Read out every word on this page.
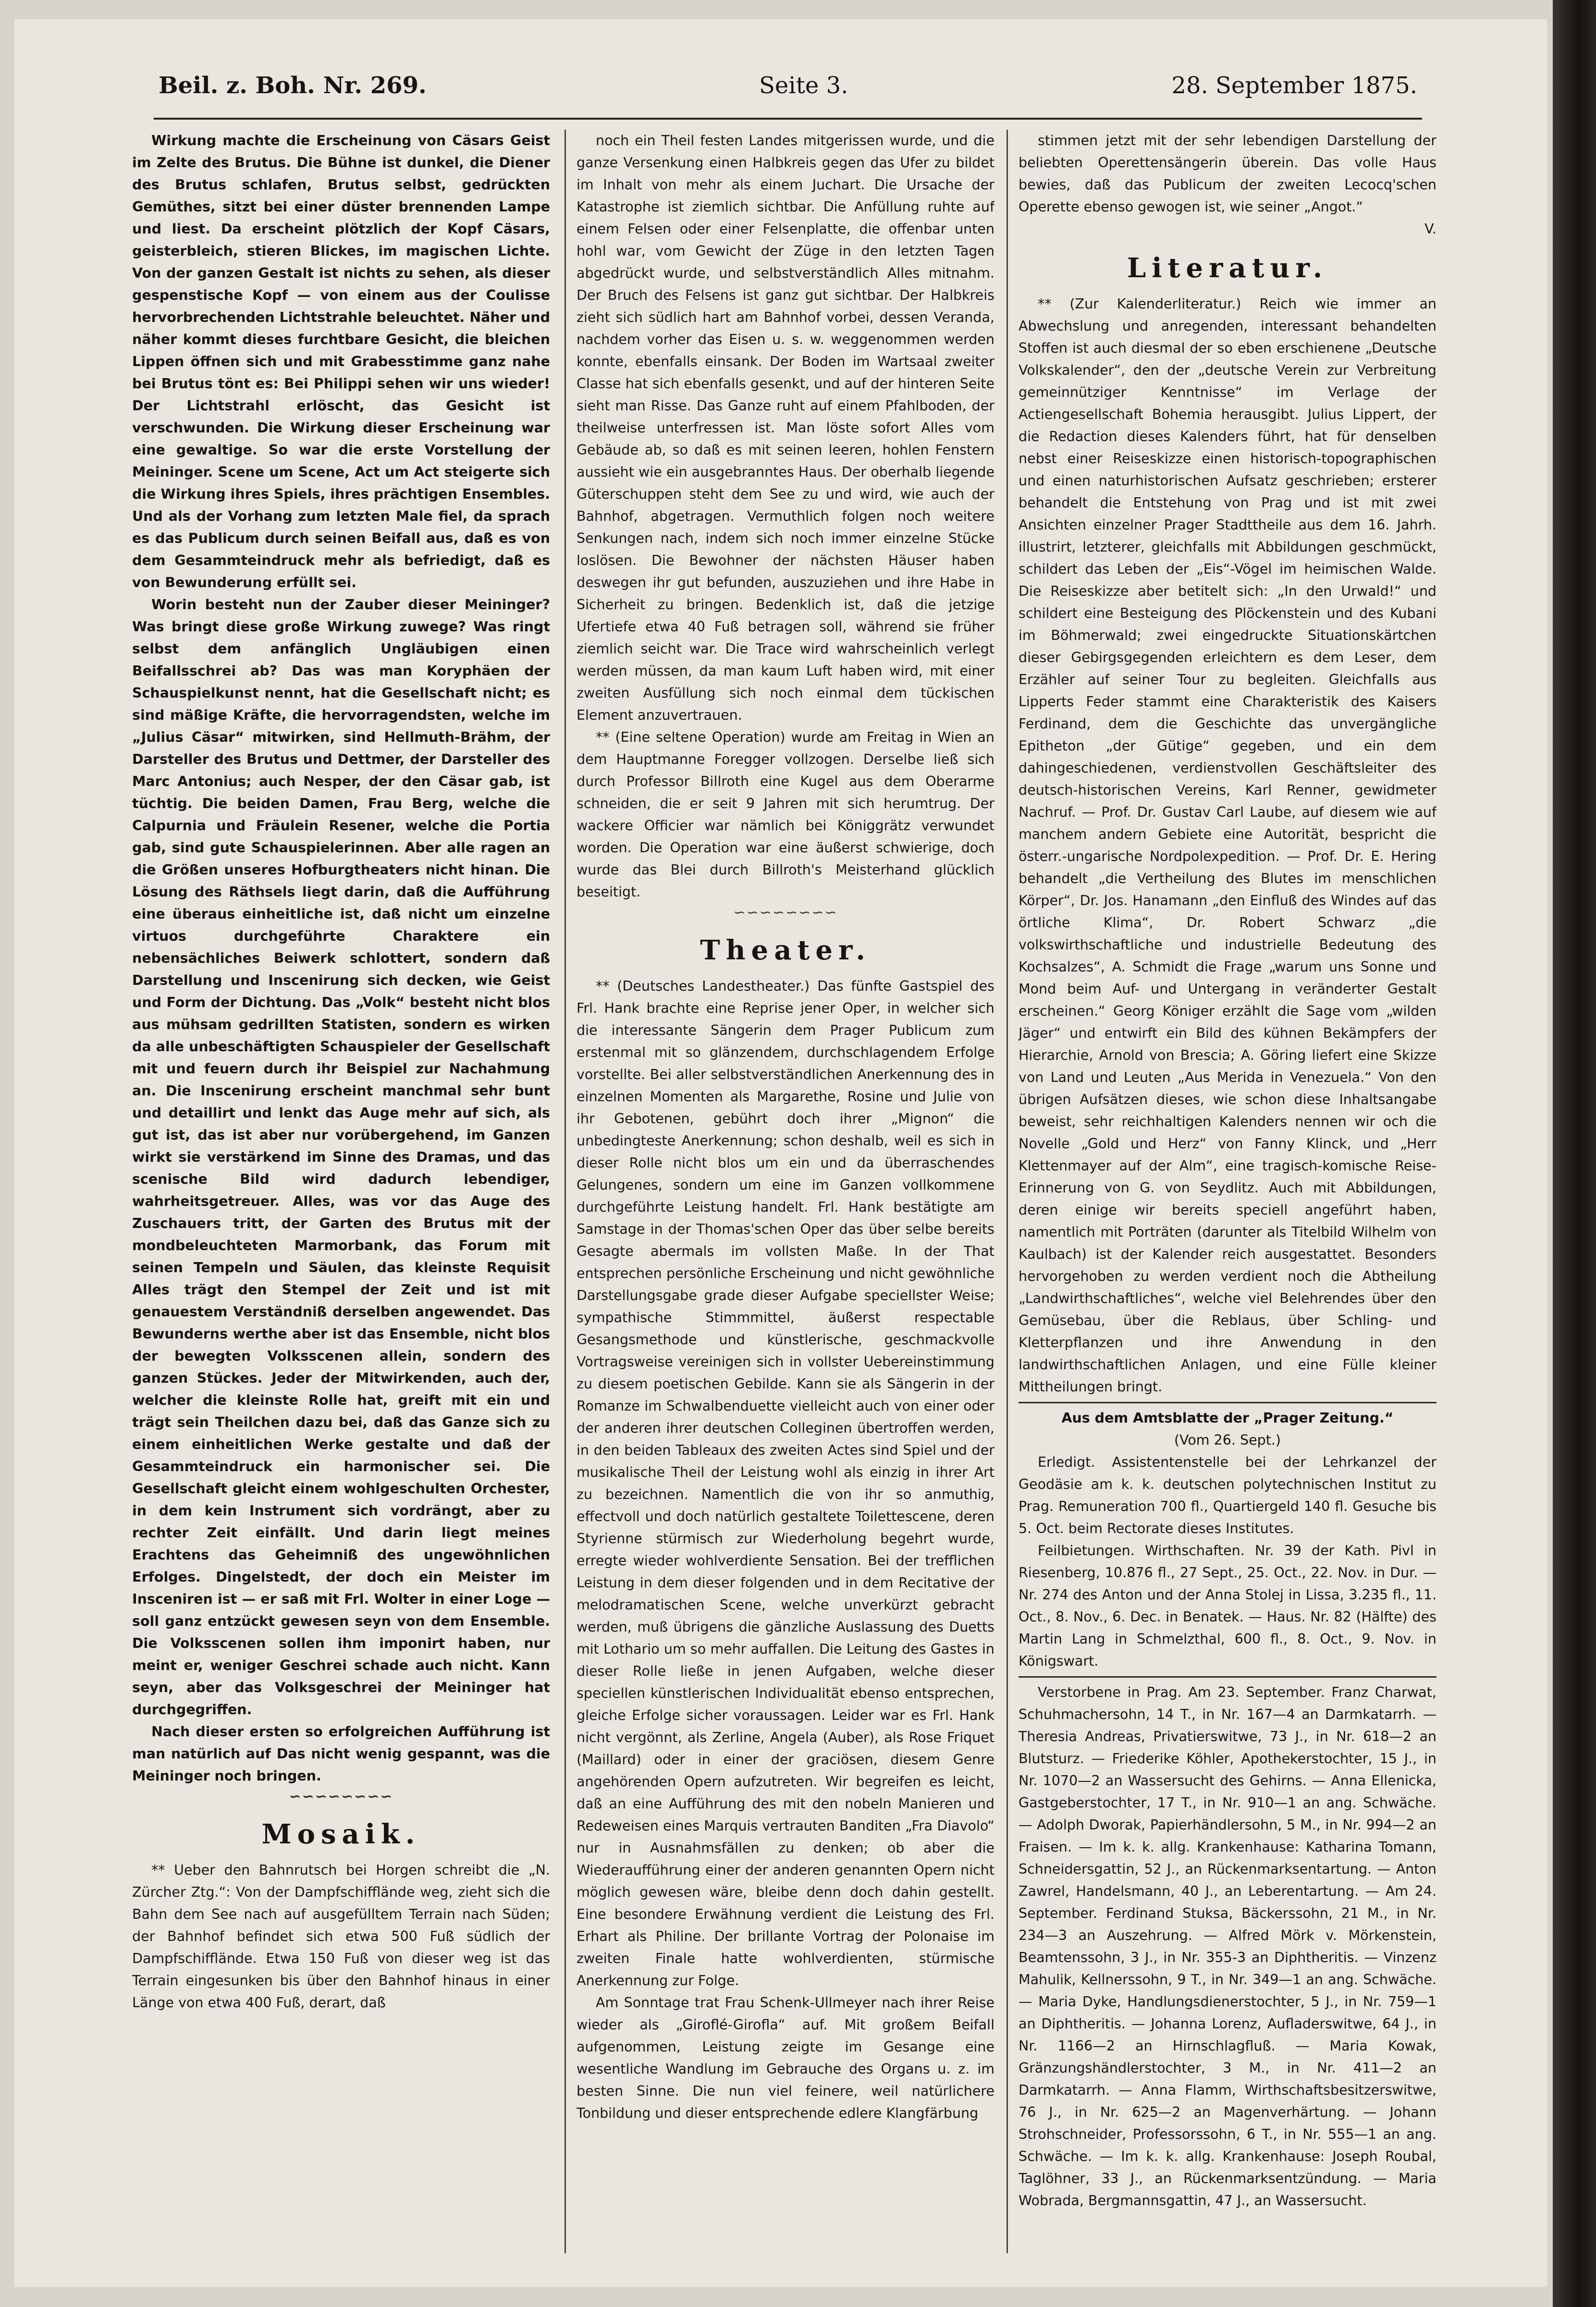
Beil. z. Boh. Nr. 269.	Seite 3.	28. September 1875.

Wirkung machte die Erscheinung von Cäsars Geist im Zelte des Brutus. Die Bühne ist dunkel, die Diener des Brutus schlafen, Brutus selbst, gedrückten Gemüthes, sitzt bei einer düster brennenden Lampe und liest. Da erscheint plötzlich der Kopf Cäsars, geisterbleich, stieren Blickes, im magischen Lichte. Von der ganzen Gestalt ist nichts zu sehen, als dieser gespenstische Kopf — von einem aus der Coulisse hervorbrechenden Lichtstrahle beleuchtet. Näher und näher kommt dieses furchtbare Gesicht, die bleichen Lippen öffnen sich und mit Grabesstimme ganz nahe bei Brutus tönt es: Bei Philippi sehen wir uns wieder! Der Lichtstrahl erlöscht, das Gesicht ist verschwunden. Die Wirkung dieser Erscheinung war eine gewaltige. So war die erste Vorstellung der Meininger. Scene um Scene, Act um Act steigerte sich die Wirkung ihres Spiels, ihres prächtigen Ensembles. Und als der Vorhang zum letzten Male fiel, da sprach es das Publicum durch seinen Beifall aus, daß es von dem Gesammteindruck mehr als befriedigt, daß es von Bewunderung erfüllt sei.

Worin besteht nun der Zauber dieser Meininger? Was bringt diese große Wirkung zuwege? Was ringt selbst dem anfänglich Ungläubigen einen Beifallsschrei ab? Das was man Koryphäen der Schauspielkunst nennt, hat die Gesellschaft nicht; es sind mäßige Kräfte, die hervorragendsten, welche im „Julius Cäsar“ mitwirken, sind Hellmuth-Brähm, der Darsteller des Brutus und Dettmer, der Darsteller des Marc Antonius; auch Nesper, der den Cäsar gab, ist tüchtig. Die beiden Damen, Frau Berg, welche die Calpurnia und Fräulein Resener, welche die Portia gab, sind gute Schauspielerinnen. Aber alle ragen an die Größen unseres Hofburgtheaters nicht hinan. Die Lösung des Räthsels liegt darin, daß die Aufführung eine überaus einheitliche ist, daß nicht um einzelne virtuos durchgeführte Charaktere ein nebensächliches Beiwerk schlottert, sondern daß Darstellung und Inscenirung sich decken, wie Geist und Form der Dichtung. Das „Volk“ besteht nicht blos aus mühsam gedrillten Statisten, sondern es wirken da alle unbeschäftigten Schauspieler der Gesellschaft mit und feuern durch ihr Beispiel zur Nachahmung an. Die Inscenirung erscheint manchmal sehr bunt und detaillirt und lenkt das Auge mehr auf sich, als gut ist, das ist aber nur vorübergehend, im Ganzen wirkt sie verstärkend im Sinne des Dramas, und das scenische Bild wird dadurch lebendiger, wahrheitsgetreuer. Alles, was vor das Auge des Zuschauers tritt, der Garten des Brutus mit der mondbeleuchteten Marmorbank, das Forum mit seinen Tempeln und Säulen, das kleinste Requisit Alles trägt den Stempel der Zeit und ist mit genauestem Verständniß derselben angewendet. Das Bewunderns werthe aber ist das Ensemble, nicht blos der bewegten Volksscenen allein, sondern des ganzen Stückes. Jeder der Mitwirkenden, auch der, welcher die kleinste Rolle hat, greift mit ein und trägt sein Theilchen dazu bei, daß das Ganze sich zu einem einheitlichen Werke gestalte und daß der Gesammteindruck ein harmonischer sei. Die Gesellschaft gleicht einem wohlgeschulten Orchester, in dem kein Instrument sich vordrängt, aber zu rechter Zeit einfällt. Und darin liegt meines Erachtens das Geheimniß des ungewöhnlichen Erfolges. Dingelstedt, der doch ein Meister im Insceniren ist — er saß mit Frl. Wolter in einer Loge — soll ganz entzückt gewesen seyn von dem Ensemble. Die Volksscenen sollen ihm imponirt haben, nur meint er, weniger Geschrei schade auch nicht. Kann seyn, aber das Volksgeschrei der Meininger hat durchgegriffen.

Nach dieser ersten so erfolgreichen Aufführung ist man natürlich auf Das nicht wenig gespannt, was die Meininger noch bringen.

∽∽∽∽∽∽∽∽
Mosaik.

** Ueber den Bahnrutsch bei Horgen schreibt die „N. Zürcher Ztg.“: Von der Dampfschifflände weg, zieht sich die Bahn dem See nach auf ausgefülltem Terrain nach Süden; der Bahnhof befindet sich etwa 500 Fuß südlich der Dampfschifflände. Etwa 150 Fuß von dieser weg ist das Terrain eingesunken bis über den Bahnhof hinaus in einer Länge von etwa 400 Fuß, derart, daß

noch ein Theil festen Landes mitgerissen wurde, und die ganze Versenkung einen Halbkreis gegen das Ufer zu bildet im Inhalt von mehr als einem Juchart. Die Ursache der Katastrophe ist ziemlich sichtbar. Die Anfüllung ruhte auf einem Felsen oder einer Felsenplatte, die offenbar unten hohl war, vom Gewicht der Züge in den letzten Tagen abgedrückt wurde, und selbstverständlich Alles mitnahm. Der Bruch des Felsens ist ganz gut sichtbar. Der Halbkreis zieht sich südlich hart am Bahnhof vorbei, dessen Veranda, nachdem vorher das Eisen u. s. w. weggenommen werden konnte, ebenfalls einsank. Der Boden im Wartsaal zweiter Classe hat sich ebenfalls gesenkt, und auf der hinteren Seite sieht man Risse. Das Ganze ruht auf einem Pfahlboden, der theilweise unterfressen ist. Man löste sofort Alles vom Gebäude ab, so daß es mit seinen leeren, hohlen Fenstern aussieht wie ein ausgebranntes Haus. Der oberhalb liegende Güterschuppen steht dem See zu und wird, wie auch der Bahnhof, abgetragen. Vermuthlich folgen noch weitere Senkungen nach, indem sich noch immer einzelne Stücke loslösen. Die Bewohner der nächsten Häuser haben deswegen ihr gut befunden, auszuziehen und ihre Habe in Sicherheit zu bringen. Bedenklich ist, daß die jetzige Ufertiefe etwa 40 Fuß betragen soll, während sie früher ziemlich seicht war. Die Trace wird wahrscheinlich verlegt werden müssen, da man kaum Luft haben wird, mit einer zweiten Ausfüllung sich noch einmal dem tückischen Element anzuvertrauen.

** (Eine seltene Operation) wurde am Freitag in Wien an dem Hauptmanne Foregger vollzogen. Derselbe ließ sich durch Professor Billroth eine Kugel aus dem Oberarme schneiden, die er seit 9 Jahren mit sich herumtrug. Der wackere Officier war nämlich bei Königgrätz verwundet worden. Die Operation war eine äußerst schwierige, doch wurde das Blei durch Billroth's Meisterhand glücklich beseitigt.

∽∽∽∽∽∽∽∽
Theater.

** (Deutsches Landestheater.) Das fünfte Gastspiel des Frl. Hank brachte eine Reprise jener Oper, in welcher sich die interessante Sängerin dem Prager Publicum zum erstenmal mit so glänzendem, durchschlagendem Erfolge vorstellte. Bei aller selbstverständlichen Anerkennung des in einzelnen Momenten als Margarethe, Rosine und Julie von ihr Gebotenen, gebührt doch ihrer „Mignon“ die unbedingteste Anerkennung; schon deshalb, weil es sich in dieser Rolle nicht blos um ein und da überraschendes Gelungenes, sondern um eine im Ganzen vollkommene durchgeführte Leistung handelt. Frl. Hank bestätigte am Samstage in der Thomas'schen Oper das über selbe bereits Gesagte abermals im vollsten Maße. In der That entsprechen persönliche Erscheinung und nicht gewöhnliche Darstellungsgabe grade dieser Aufgabe speciellster Weise; sympathische Stimmmittel, äußerst respectable Gesangsmethode und künstlerische, geschmackvolle Vortragsweise vereinigen sich in vollster Uebereinstimmung zu diesem poetischen Gebilde. Kann sie als Sängerin in der Romanze im Schwalbenduette vielleicht auch von einer oder der anderen ihrer deutschen Colleginen übertroffen werden, in den beiden Tableaux des zweiten Actes sind Spiel und der musikalische Theil der Leistung wohl als einzig in ihrer Art zu bezeichnen. Namentlich die von ihr so anmuthig, effectvoll und doch natürlich gestaltete Toilettescene, deren Styrienne stürmisch zur Wiederholung begehrt wurde, erregte wieder wohlverdiente Sensation. Bei der trefflichen Leistung in dem dieser folgenden und in dem Recitative der melodramatischen Scene, welche unverkürzt gebracht werden, muß übrigens die gänzliche Auslassung des Duetts mit Lothario um so mehr auffallen. Die Leitung des Gastes in dieser Rolle ließe in jenen Aufgaben, welche dieser speciellen künstlerischen Individualität ebenso entsprechen, gleiche Erfolge sicher voraussagen. Leider war es Frl. Hank nicht vergönnt, als Zerline, Angela (Auber), als Rose Friquet (Maillard) oder in einer der graciösen, diesem Genre angehörenden Opern aufzutreten. Wir begreifen es leicht, daß an eine Aufführung des mit den nobeln Manieren und Redeweisen eines Marquis vertrauten Banditen „Fra Diavolo“ nur in Ausnahmsfällen zu denken; ob aber die Wiederaufführung einer der anderen genannten Opern nicht möglich gewesen wäre, bleibe denn doch dahin gestellt. Eine besondere Erwähnung verdient die Leistung des Frl. Erhart als Philine. Der brillante Vortrag der Polonaise im zweiten Finale hatte wohlverdienten, stürmische Anerkennung zur Folge.

Am Sonntage trat Frau Schenk-Ullmeyer nach ihrer Reise wieder als „Giroflé-Girofla“ auf. Mit großem Beifall aufgenommen, Leistung zeigte im Gesange eine wesentliche Wandlung im Gebrauche des Organs u. z. im besten Sinne. Die nun viel feinere, weil natürlichere Tonbildung und dieser entsprechende edlere Klangfärbung

stimmen jetzt mit der sehr lebendigen Darstellung der beliebten Operettensängerin überein. Das volle Haus bewies, daß das Publicum der zweiten Lecocq'schen Operette ebenso gewogen ist, wie seiner „Angot.“

V.

Literatur.

** (Zur Kalenderliteratur.) Reich wie immer an Abwechslung und anregenden, interessant behandelten Stoffen ist auch diesmal der so eben erschienene „Deutsche Volkskalender“, den der „deutsche Verein zur Verbreitung gemeinnütziger Kenntnisse“ im Verlage der Actiengesellschaft Bohemia herausgibt. Julius Lippert, der die Redaction dieses Kalenders führt, hat für denselben nebst einer Reiseskizze einen historisch-topographischen und einen naturhistorischen Aufsatz geschrieben; ersterer behandelt die Entstehung von Prag und ist mit zwei Ansichten einzelner Prager Stadttheile aus dem 16. Jahrh. illustrirt, letzterer, gleichfalls mit Abbildungen geschmückt, schildert das Leben der „Eis“-Vögel im heimischen Walde. Die Reiseskizze aber betitelt sich: „In den Urwald!“ und schildert eine Besteigung des Plöckenstein und des Kubani im Böhmerwald; zwei eingedruckte Situationskärtchen dieser Gebirgsgegenden erleichtern es dem Leser, dem Erzähler auf seiner Tour zu begleiten. Gleichfalls aus Lipperts Feder stammt eine Charakteristik des Kaisers Ferdinand, dem die Geschichte das unvergängliche Epitheton „der Gütige“ gegeben, und ein dem dahingeschiedenen, verdienstvollen Geschäftsleiter des deutsch-historischen Vereins, Karl Renner, gewidmeter Nachruf. — Prof. Dr. Gustav Carl Laube, auf diesem wie auf manchem andern Gebiete eine Autorität, bespricht die österr.-ungarische Nordpolexpedition. — Prof. Dr. E. Hering behandelt „die Vertheilung des Blutes im menschlichen Körper“, Dr. Jos. Hanamann „den Einfluß des Windes auf das örtliche Klima“, Dr. Robert Schwarz „die volkswirthschaftliche und industrielle Bedeutung des Kochsalzes“, A. Schmidt die Frage „warum uns Sonne und Mond beim Auf- und Untergang in veränderter Gestalt erscheinen.“ Georg Königer erzählt die Sage vom „wilden Jäger“ und entwirft ein Bild des kühnen Bekämpfers der Hierarchie, Arnold von Brescia; A. Göring liefert eine Skizze von Land und Leuten „Aus Merida in Venezuela.“ Von den übrigen Aufsätzen dieses, wie schon diese Inhaltsangabe beweist, sehr reichhaltigen Kalenders nennen wir och die Novelle „Gold und Herz“ von Fanny Klinck, und „Herr Klettenmayer auf der Alm“, eine tragisch-komische Reise-Erinnerung von G. von Seydlitz. Auch mit Abbildungen, deren einige wir bereits speciell angeführt haben, namentlich mit Porträten (darunter als Titelbild Wilhelm von Kaulbach) ist der Kalender reich ausgestattet. Besonders hervorgehoben zu werden verdient noch die Abtheilung „Landwirthschaftliches“, welche viel Belehrendes über den Gemüsebau, über die Reblaus, über Schling- und Kletterpflanzen und ihre Anwendung in den landwirthschaftlichen Anlagen, und eine Fülle kleiner Mittheilungen bringt.

Aus dem Amtsblatte der „Prager Zeitung.“
(Vom 26. Sept.)

Erledigt. Assistentenstelle bei der Lehrkanzel der Geodäsie am k. k. deutschen polytechnischen Institut zu Prag. Remuneration 700 fl., Quartiergeld 140 fl. Gesuche bis 5. Oct. beim Rectorate dieses Institutes.

Feilbietungen. Wirthschaften. Nr. 39 der Kath. Pivl in Riesenberg, 10.876 fl., 27 Sept., 25. Oct., 22. Nov. in Dur. — Nr. 274 des Anton und der Anna Stolej in Lissa, 3.235 fl., 11. Oct., 8. Nov., 6. Dec. in Benatek. — Haus. Nr. 82 (Hälfte) des Martin Lang in Schmelzthal, 600 fl., 8. Oct., 9. Nov. in Königswart.

Verstorbene in Prag. Am 23. September. Franz Charwat, Schuhmachersohn, 14 T., in Nr. 167—4 an Darmkatarrh. — Theresia Andreas, Privatierswitwe, 73 J., in Nr. 618—2 an Blutsturz. — Friederike Köhler, Apothekerstochter, 15 J., in Nr. 1070—2 an Wassersucht des Gehirns. — Anna Ellenicka, Gastgeberstochter, 17 T., in Nr. 910—1 an ang. Schwäche. — Adolph Dworak, Papierhändlersohn, 5 M., in Nr. 994—2 an Fraisen. — Im k. k. allg. Krankenhause: Katharina Tomann, Schneidersgattin, 52 J., an Rückenmarksentartung. — Anton Zawrel, Handelsmann, 40 J., an Leberentartung. — Am 24. September. Ferdinand Stuksa, Bäckerssohn, 21 M., in Nr. 234—3 an Auszehrung. — Alfred Mörk v. Mörkenstein, Beamtenssohn, 3 J., in Nr. 355-3 an Diphtheritis. — Vinzenz Mahulik, Kellnerssohn, 9 T., in Nr. 349—1 an ang. Schwäche. — Maria Dyke, Handlungsdienerstochter, 5 J., in Nr. 759—1 an Diphtheritis. — Johanna Lorenz, Aufladerswitwe, 64 J., in Nr. 1166—2 an Hirnschlagfluß. — Maria Kowak, Gränzungshändlerstochter, 3 M., in Nr. 411—2 an Darmkatarrh. — Anna Flamm, Wirthschaftsbesitzerswitwe, 76 J., in Nr. 625—2 an Magenverhärtung. — Johann Strohschneider, Professorssohn, 6 T., in Nr. 555—1 an ang. Schwäche. — Im k. k. allg. Krankenhause: Joseph Roubal, Taglöhner, 33 J., an Rückenmarksentzündung. — Maria Wobrada, Bergmannsgattin, 47 J., an Wassersucht.
